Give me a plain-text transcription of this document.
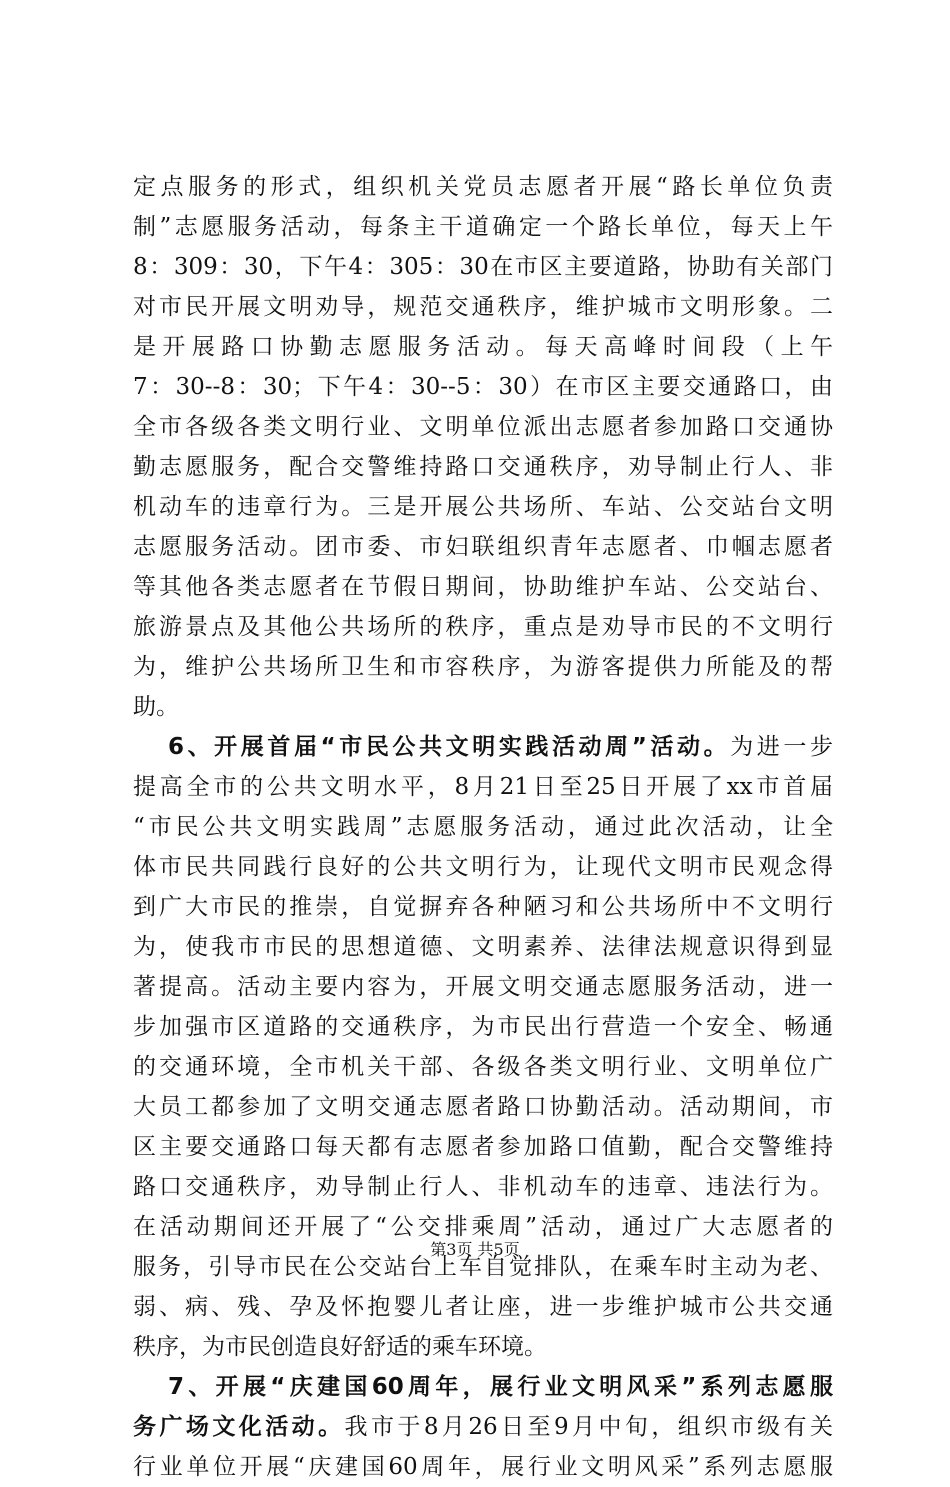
定点服务的形式，组织机关党员志愿者开展“路长单位负责
制”志愿服务活动，每条主干道确定一个路长单位，每天上午
8：309：30，下午4：305：30在市区主要道路，协助有关部门
对市民开展文明劝导，规范交通秩序，维护城市文明形象。二
是开展路口协勤志愿服务活动。每天高峰时间段（上午
7：30--8：30；下午4：30--5：30）在市区主要交通路口，由
全市各级各类文明行业、文明单位派出志愿者参加路口交通协
勤志愿服务，配合交警维持路口交通秩序，劝导制止行人、非
机动车的违章行为。三是开展公共场所、车站、公交站台文明
志愿服务活动。团市委、市妇联组织青年志愿者、巾帼志愿者
等其他各类志愿者在节假日期间，协助维护车站、公交站台、
旅游景点及其他公共场所的秩序，重点是劝导市民的不文明行
为，维护公共场所卫生和市容秩序，为游客提供力所能及的帮
助。
6、开展首届“市民公共文明实践活动周”活动。为进一步
提高全市的公共文明水平，8月21日至25日开展了xx市首届
“市民公共文明实践周”志愿服务活动，通过此次活动，让全
体市民共同践行良好的公共文明行为，让现代文明市民观念得
到广大市民的推崇，自觉摒弃各种陋习和公共场所中不文明行
为，使我市市民的思想道德、文明素养、法律法规意识得到显
著提高。活动主要内容为，开展文明交通志愿服务活动，进一
步加强市区道路的交通秩序，为市民出行营造一个安全、畅通
的交通环境，全市机关干部、各级各类文明行业、文明单位广
大员工都参加了文明交通志愿者路口协勤活动。活动期间，市
区主要交通路口每天都有志愿者参加路口值勤，配合交警维持
路口交通秩序，劝导制止行人、非机动车的违章、违法行为。
在活动期间还开展了“公交排乘周”活动，通过广大志愿者的
服务，引导市民在公交站台上车自觉排队，在乘车时主动为老、
弱、病、残、孕及怀抱婴儿者让座，进一步维护城市公共交通
秩序，为市民创造良好舒适的乘车环境。
7、开展“庆建国60周年，展行业文明风采”系列志愿服
务广场文化活动。我市于8月26日至9月中旬，组织市级有关
行业单位开展“庆建国60周年，展行业文明风采”系列志愿服
第3页 共5页
